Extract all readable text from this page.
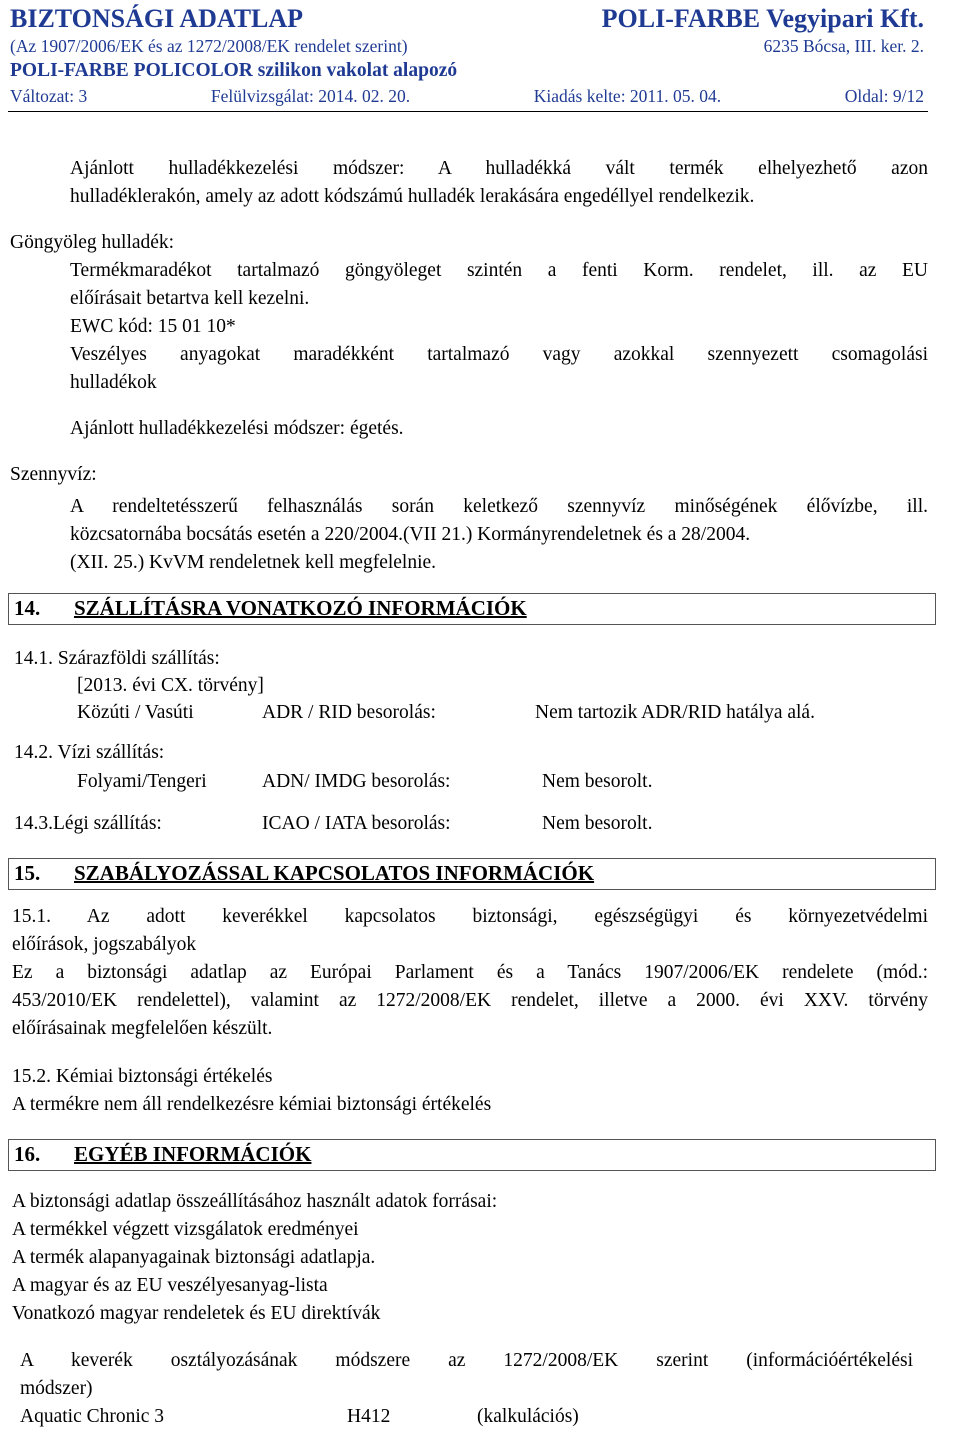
BIZTONSÁGI ADATLAP	POLI-FARBE Vegyipari Kft.
(Az 1907/2006/EK és az 1272/2008/EK rendelet szerint)	6235 Bócsa, III. ker. 2.
POLI-FARBE POLICOLOR szilikon vakolat alapozó
Változat: 3	Felülvizsgálat: 2014. 02. 20.	Kiadás kelte: 2011. 05. 04.	Oldal: 9/12
Ajánlott hulladékkezelési módszer: A hulladékká vált termék elhelyezhető azon
hulladéklerakón, amely az adott kódszámú hulladék lerakására engedéllyel rendelkezik.
Göngyöleg hulladék:
Termékmaradékot tartalmazó göngyöleget szintén a fenti Korm. rendelet, ill. az EU
előírásait betartva kell kezelni.
EWC kód: 15 01 10*
Veszélyes anyagokat maradékként tartalmazó vagy azokkal szennyezett csomagolási
hulladékok
Ajánlott hulladékkezelési módszer: égetés.
Szennyvíz:
A rendeltetésszerű felhasználás során keletkező szennyvíz minőségének élővízbe, ill.
közcsatornába bocsátás esetén a 220/2004.(VII 21.) Kormányrendeletnek és a 28/2004.
(XII. 25.) KvVM rendeletnek kell megfelelnie.
14. SZÁLLÍTÁSRA VONATKOZÓ INFORMÁCIÓK
14.1. Szárazföldi szállítás:
[2013. évi CX. törvény]
Közúti / Vasúti	ADR / RID besorolás:	Nem tartozik ADR/RID hatálya alá.
14.2. Vízi szállítás:
Folyami/Tengeri	ADN/ IMDG besorolás:	Nem besorolt.
14.3.Légi szállítás:	ICAO / IATA besorolás:	Nem besorolt.
15. SZABÁLYOZÁSSAL KAPCSOLATOS INFORMÁCIÓK
15.1. Az adott keverékkel kapcsolatos biztonsági, egészségügyi és környezetvédelmi
előírások, jogszabályok
Ez a biztonsági adatlap az Európai Parlament és a Tanács 1907/2006/EK rendelete (mód.:
453/2010/EK rendelettel), valamint az 1272/2008/EK rendelet, illetve a 2000. évi XXV. törvény
előírásainak megfelelően készült.
15.2. Kémiai biztonsági értékelés
A termékre nem áll rendelkezésre kémiai biztonsági értékelés
16. EGYÉB INFORMÁCIÓK
A biztonsági adatlap összeállításához használt adatok forrásai:
A termékkel végzett vizsgálatok eredményei
A termék alapanyagainak biztonsági adatlapja.
A magyar és az EU veszélyesanyag-lista
Vonatkozó magyar rendeletek és EU direktívák
A keverék osztályozásának módszere az 1272/2008/EK szerint (információértékelési
módszer)
Aquatic Chronic 3	H412	(kalkulációs)
